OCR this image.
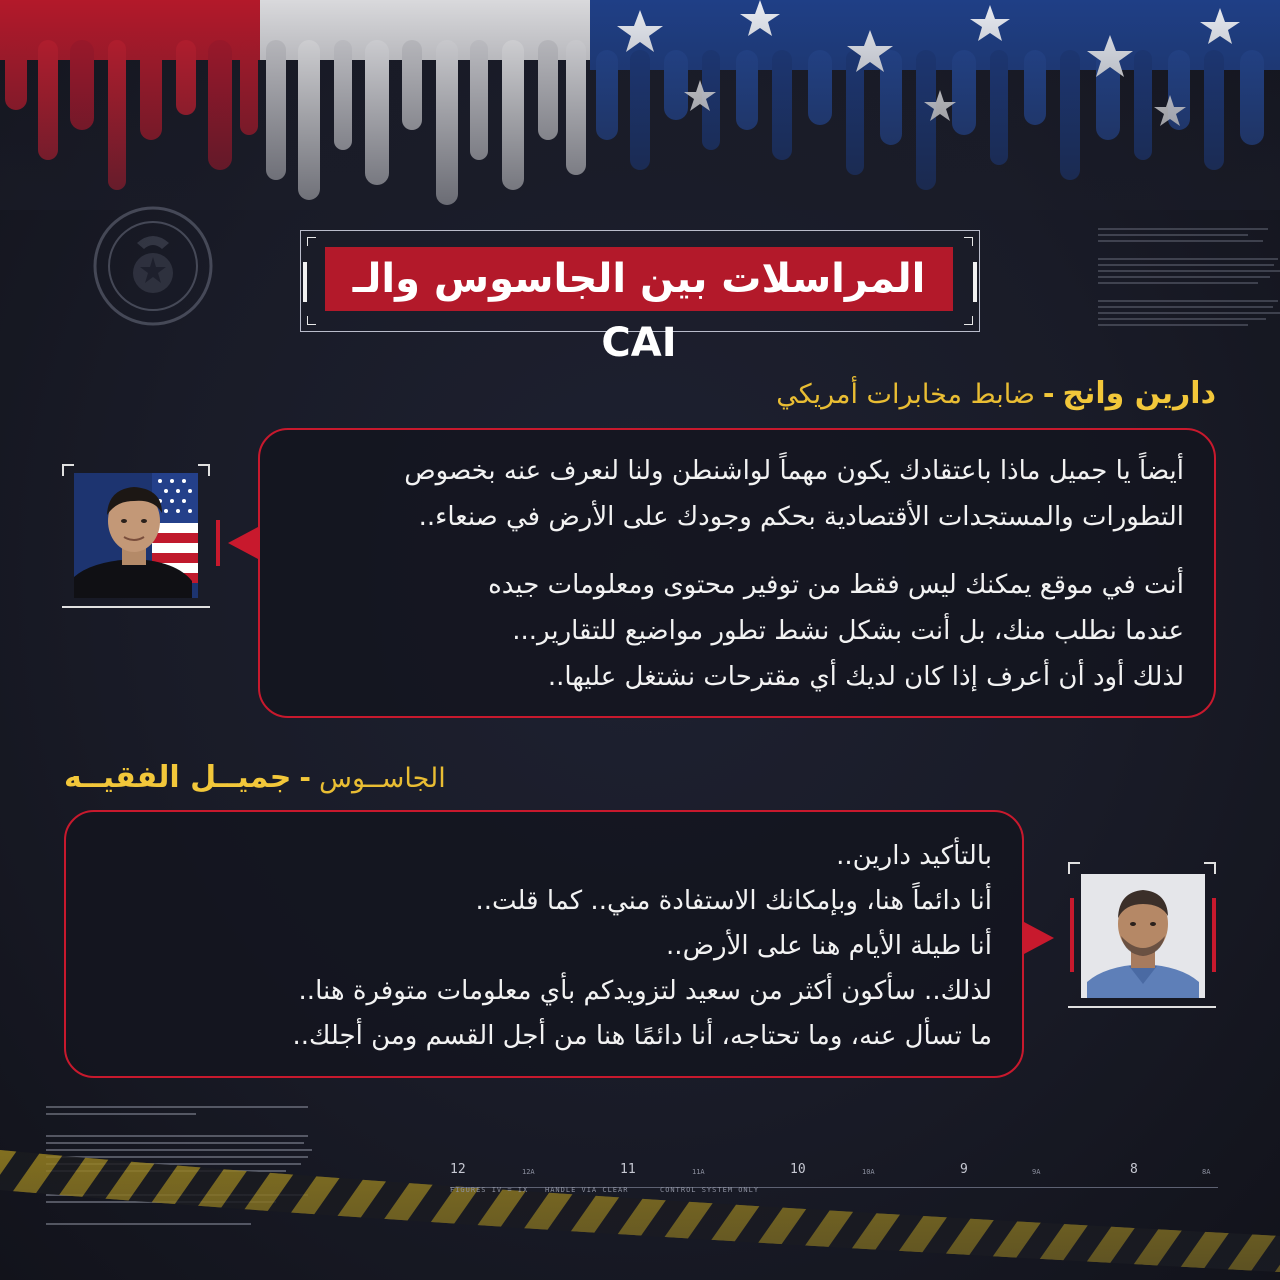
المراسلات بين الجاسوس والـ CAI
دارين وانج-ضابط مخابرات أمريكي

أيضاً يا جميل ماذا باعتقادك يكون مهماً لواشنطن ولنا لنعرف عنه بخصوص

التطورات والمستجدات الأقتصادية بحكم وجودك على الأرض في صنعاء..

أنت في موقع يمكنك ليس فقط من توفير محتوى ومعلومات جيده

عندما نطلب منك، بل أنت بشكل نشط تطور مواضيع للتقارير...

لذلك أود أن أعرف إذا كان لديك أي مقترحات نشتغل عليها..

الجاســوس-جميــل الفقيــه

بالتأكيد دارين..

أنا دائماً هنا، وبإمكانك الاستفادة مني.. كما قلت..

أنا طيلة الأيام هنا على الأرض..

لذلك.. سأكون أكثر من سعيد لتزويدكم بأي معلومات متوفرة هنا..

ما تسأل عنه، وما تحتاجه، أنا دائمًا هنا من أجل القسم ومن أجلك..

12	12A	11	11A	10	10A	9	9A	8	8A
FIGURES IV = IX HANDLE VIA CLEAR	CONTROL SYSTEM ONLY
